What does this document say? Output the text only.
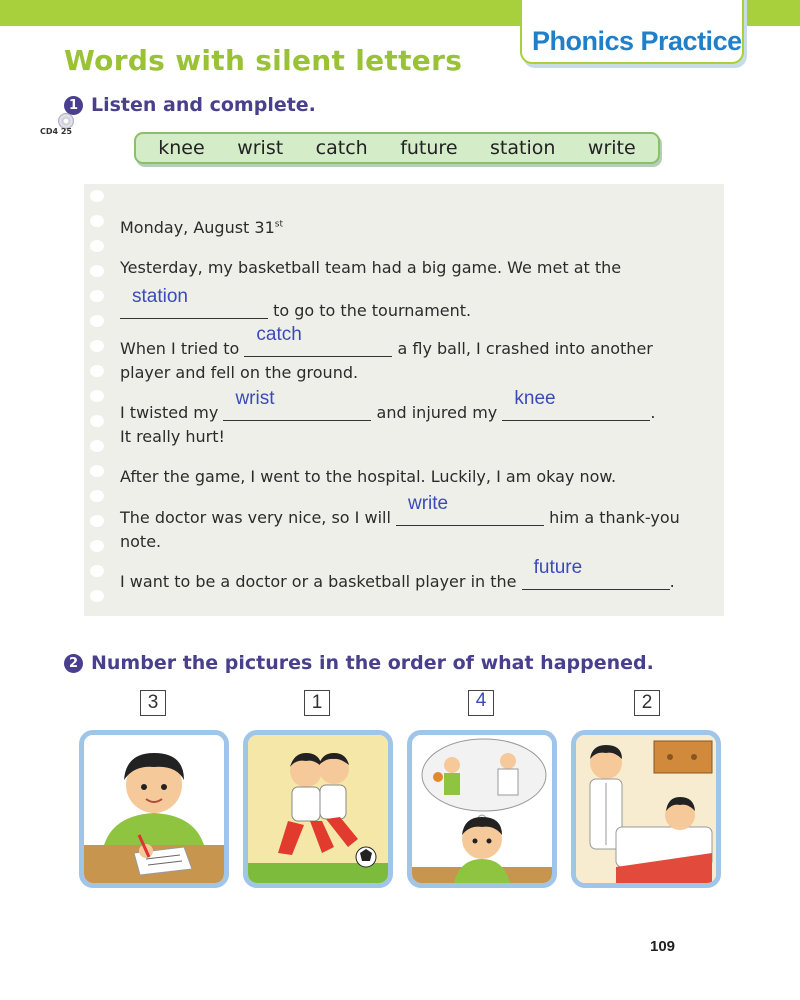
Phonics Practice
Words with silent letters
1 Listen and complete.
CD4 25
knee wrist catch future station write
Monday, August 31st
Yesterday, my basketball team had a big game. We met at the
station
to go to the tournament.
When I tried to
catch
a fly ball, I crashed into another
player and fell on the ground.
I twisted my
wrist
and injured my
knee
.
It really hurt!
After the game, I went to the hospital. Luckily, I am okay now.
The doctor was very nice, so I will
write
him a thank-you
note.
I want to be a doctor or a basketball player in the
future
.
2 Number the pictures in the order of what happened.
3	1	4	2
109
